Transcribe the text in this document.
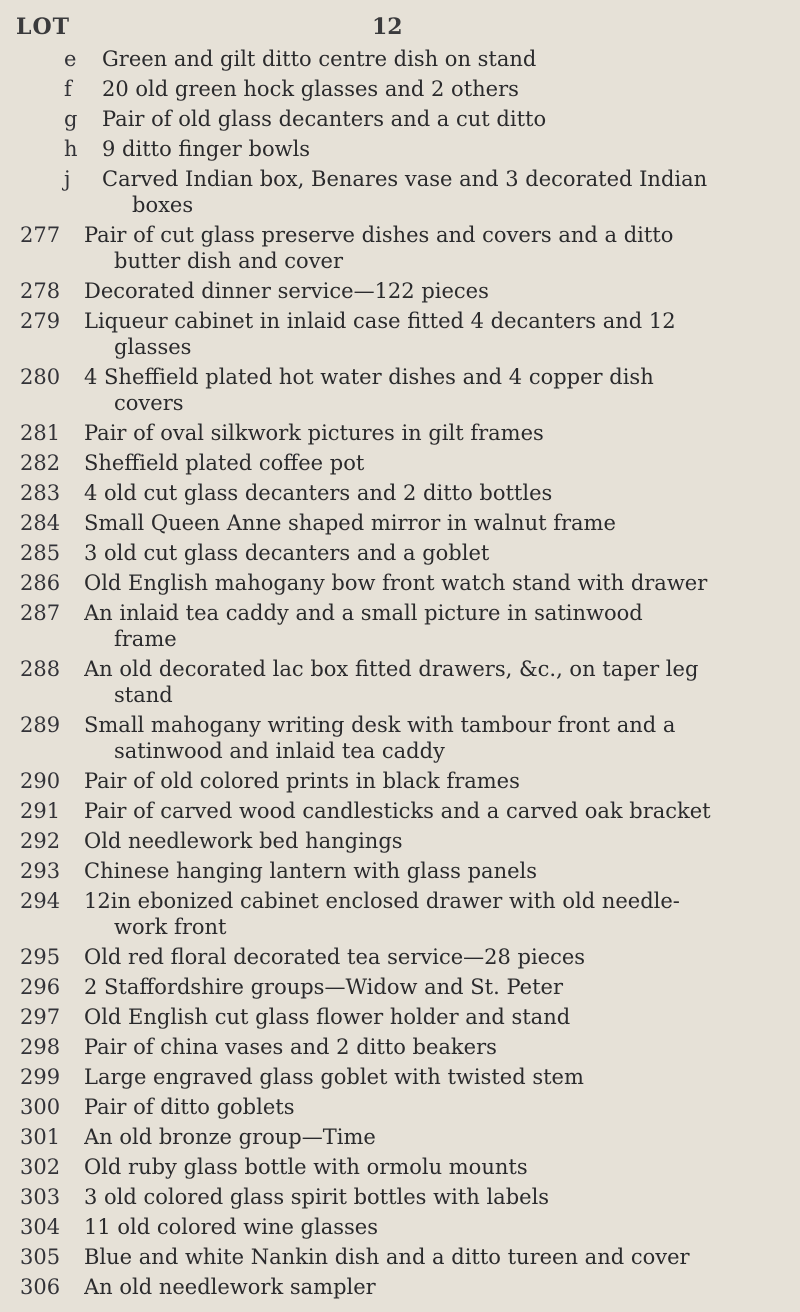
LOT	12
e	Green and gilt ditto centre dish on stand
f	20 old green hock glasses and 2 others
g	Pair of old glass decanters and a cut ditto
h	9 ditto finger bowls
j	Carved Indian box, Benares vase and 3 decorated Indian
boxes
277	Pair of cut glass preserve dishes and covers and a ditto
butter dish and cover
278	Decorated dinner service—122 pieces
279	Liqueur cabinet in inlaid case fitted 4 decanters and 12
glasses
280	4 Sheffield plated hot water dishes and 4 copper dish
covers
281	Pair of oval silkwork pictures in gilt frames
282	Sheffield plated coffee pot
283	4 old cut glass decanters and 2 ditto bottles
284	Small Queen Anne shaped mirror in walnut frame
285	3 old cut glass decanters and a goblet
286	Old English mahogany bow front watch stand with drawer
287	An inlaid tea caddy and a small picture in satinwood
frame
288	An old decorated lac box fitted drawers, &c., on taper leg
stand
289	Small mahogany writing desk with tambour front and a
satinwood and inlaid tea caddy
290	Pair of old colored prints in black frames
291	Pair of carved wood candlesticks and a carved oak bracket
292	Old needlework bed hangings
293	Chinese hanging lantern with glass panels
294	12in ebonized cabinet enclosed drawer with old needle-
work front
295	Old red floral decorated tea service—28 pieces
296	2 Staffordshire groups—Widow and St. Peter
297	Old English cut glass flower holder and stand
298	Pair of china vases and 2 ditto beakers
299	Large engraved glass goblet with twisted stem
300	Pair of ditto goblets
301	An old bronze group—Time
302	Old ruby glass bottle with ormolu mounts
303	3 old colored glass spirit bottles with labels
304	11 old colored wine glasses
305	Blue and white Nankin dish and a ditto tureen and cover
306	An old needlework sampler
